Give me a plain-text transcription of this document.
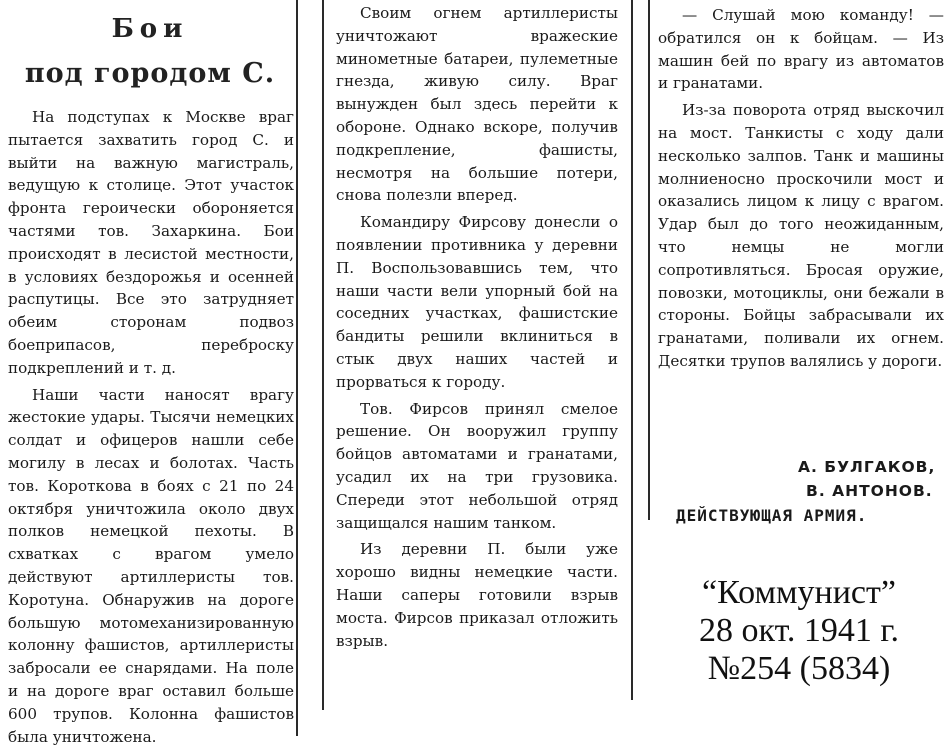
Бои
под городом С.

На подступах к Москве враг пытается захватить город С. и выйти на важную магистраль, ведущую к столице. Этот участок фронта героически обороняется частями тов. Захаркина. Бои происходят в лесистой местности, в условиях бездорожья и осенней распутицы. Все это затрудняет обеим сторонам подвоз боеприпасов, переброску подкреплений и т. д.

Наши части наносят врагу жестокие удары. Тысячи немецких солдат и офицеров нашли себе могилу в лесах и болотах. Часть тов. Короткова в боях с 21 по 24 октября уничтожила около двух полков немецкой пехоты. В схватках с врагом умело действуют артиллеристы тов. Коротуна. Обнаружив на дороге большую мотомеханизированную колонну фашистов, артиллеристы забросали ее снарядами. На поле и на дороге враг оставил больше 600 трупов. Колонна фашистов была уничтожена.

Своим огнем артиллеристы уничтожают вражеские минометные батареи, пулеметные гнезда, живую силу. Враг вынужден был здесь перейти к обороне. Однако вскоре, получив подкрепление, фашисты, несмотря на большие потери, снова полезли вперед.

Командиру Фирсову донесли о появлении противника у деревни П. Воспользовавшись тем, что наши части вели упорный бой на соседних участках, фашистские бандиты решили вклиниться в стык двух наших частей и прорваться к городу.

Тов. Фирсов принял смелое решение. Он вооружил группу бойцов автоматами и гранатами, усадил их на три грузовика. Спереди этот небольшой отряд защищался нашим танком.

Из деревни П. были уже хорошо видны немецкие части. Наши саперы готовили взрыв моста. Фирсов приказал отложить взрыв.

— Слушай мою команду! — обратился он к бойцам. — Из машин бей по врагу из автоматов и гранатами.

Из-за поворота отряд выскочил на мост. Танкисты с ходу дали несколько залпов. Танк и машины молниеносно проскочили мост и оказались лицом к лицу с врагом. Удар был до того неожиданным, что немцы не могли сопротивляться. Бросая оружие, повозки, мотоциклы, они бежали в стороны. Бойцы забрасывали их гранатами, поливали их огнем. Десятки трупов валялись у дороги.

А. БУЛГАКОВ,
В. АНТОНОВ.
ДЕЙСТВУЮЩАЯ АРМИЯ.
“Коммунист”
28 окт. 1941 г.
№254 (5834)
